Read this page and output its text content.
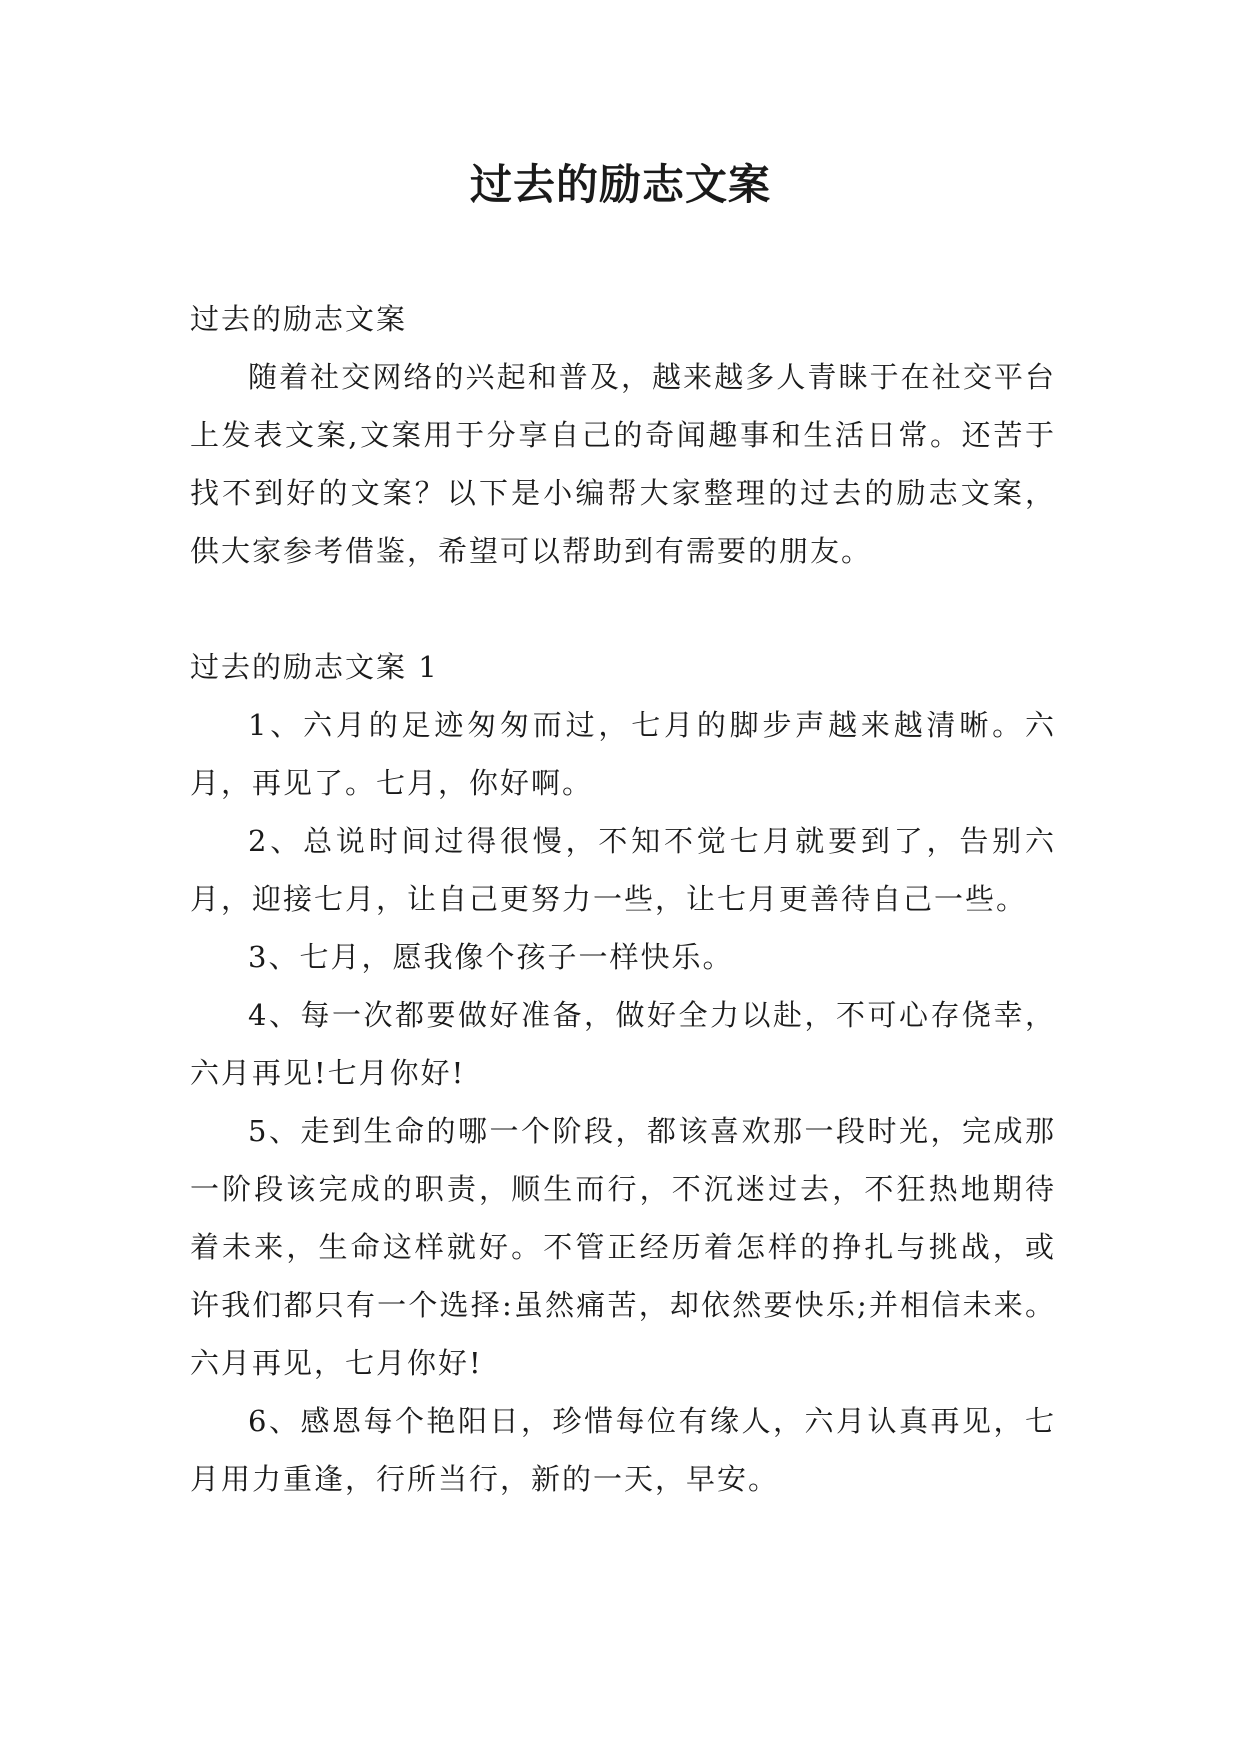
过去的励志文案

过去的励志文案

随着社交网络的兴起和普及，越来越多人青睐于在社交平台上发表文案,文案用于分享自己的奇闻趣事和生活日常。还苦于找不到好的文案？以下是小编帮大家整理的过去的励志文案，供大家参考借鉴，希望可以帮助到有需要的朋友。

过去的励志文案 1

1、六月的足迹匆匆而过，七月的脚步声越来越清晰。六月，再见了。七月，你好啊。

2、总说时间过得很慢，不知不觉七月就要到了，告别六月，迎接七月，让自己更努力一些，让七月更善待自己一些。

3、七月，愿我像个孩子一样快乐。

4、每一次都要做好准备，做好全力以赴，不可心存侥幸，六月再见!七月你好!

5、走到生命的哪一个阶段，都该喜欢那一段时光，完成那一阶段该完成的职责，顺生而行，不沉迷过去，不狂热地期待着未来，生命这样就好。不管正经历着怎样的挣扎与挑战，或许我们都只有一个选择:虽然痛苦，却依然要快乐;并相信未来。六月再见，七月你好!

6、感恩每个艳阳日，珍惜每位有缘人，六月认真再见，七月用力重逢，行所当行，新的一天，早安。
